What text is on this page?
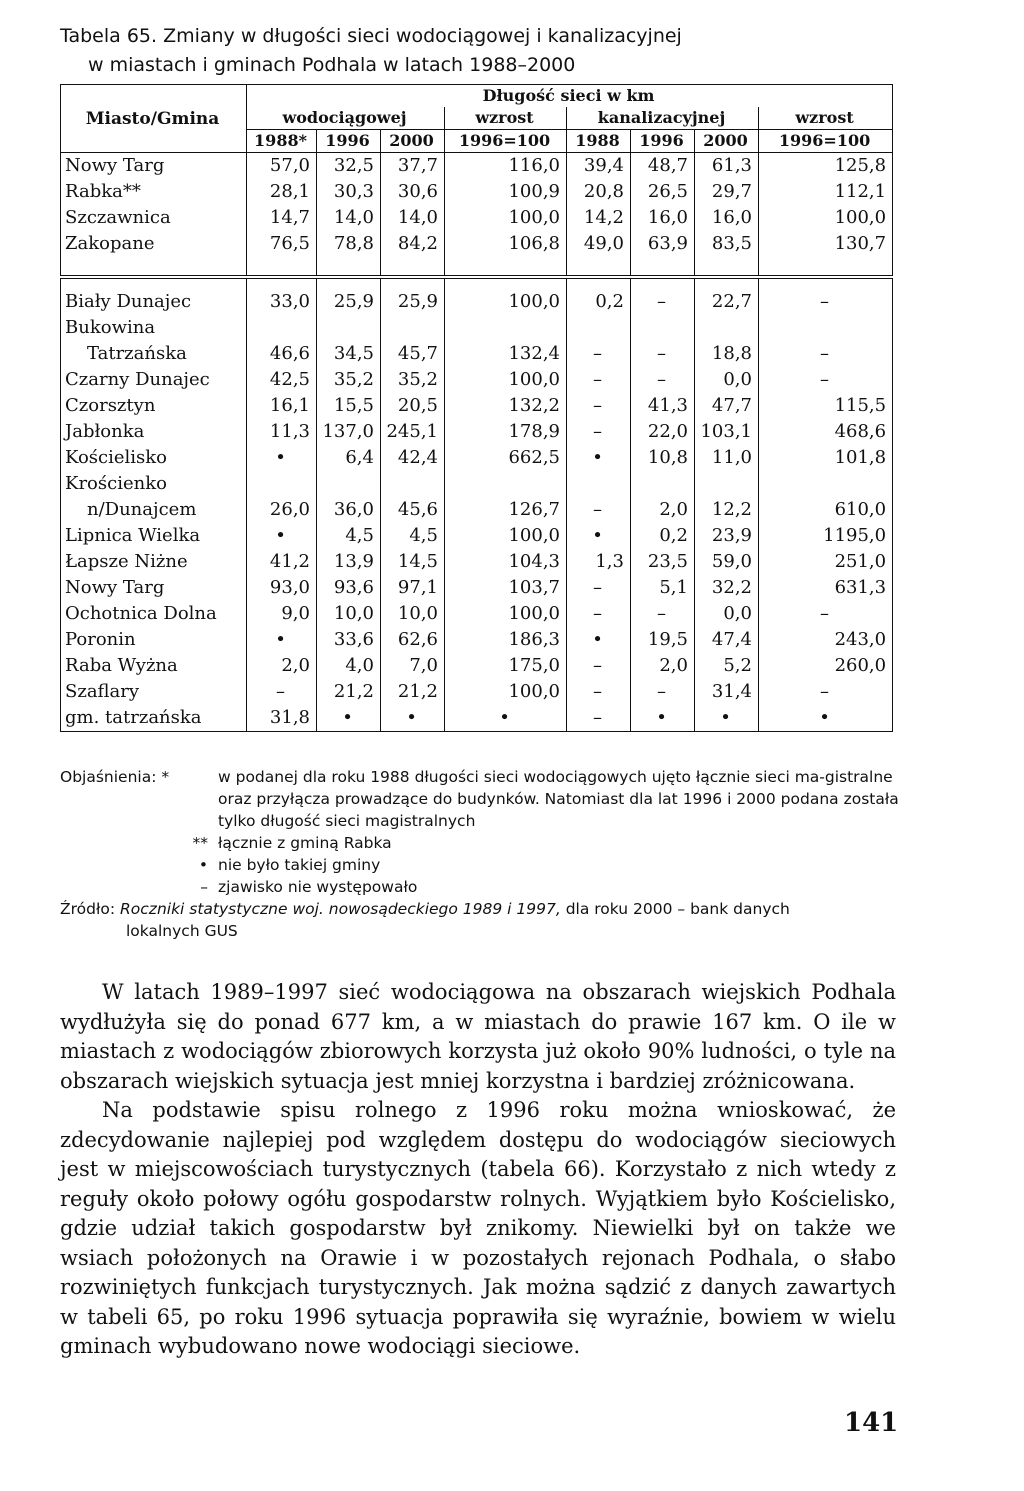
Tabela 65. Zmiany w długości sieci wodociągowej i kanalizacyjnej
w miastach i gminach Podhala w latach 1988–2000
Miasto/Gmina	Długość sieci w km							
	wodociągowej			wzrost	kanalizacyjnej			wzrost
	1988*	1996	2000	1996=100	1988	1996	2000	1996=100
Nowy Targ	57,0	32,5	37,7	116,0	39,4	48,7	61,3	125,8
Rabka**	28,1	30,3	30,6	100,9	20,8	26,5	29,7	112,1
Szczawnica	14,7	14,0	14,0	100,0	14,2	16,0	16,0	100,0
Zakopane	76,5	78,8	84,2	106,8	49,0	63,9	83,5	130,7

Biały Dunajec	33,0	25,9	25,9	100,0	0,2	–	22,7	–
Bukowina								
Tatrzańska	46,6	34,5	45,7	132,4	–	–	18,8	–
Czarny Dunajec	42,5	35,2	35,2	100,0	–	–	0,0	–
Czorsztyn	16,1	15,5	20,5	132,2	–	41,3	47,7	115,5
Jabłonka	11,3	137,0	245,1	178,9	–	22,0	103,1	468,6
Kościelisko	•	6,4	42,4	662,5	•	10,8	11,0	101,8
Krościenko								
n/Dunajcem	26,0	36,0	45,6	126,7	–	2,0	12,2	610,0
Lipnica Wielka	•	4,5	4,5	100,0	•	0,2	23,9	1195,0
Łapsze Niżne	41,2	13,9	14,5	104,3	1,3	23,5	59,0	251,0
Nowy Targ	93,0	93,6	97,1	103,7	–	5,1	32,2	631,3
Ochotnica Dolna	9,0	10,0	10,0	100,0	–	–	0,0	–
Poronin	•	33,6	62,6	186,3	•	19,5	47,4	243,0
Raba Wyżna	2,0	4,0	7,0	175,0	–	2,0	5,2	260,0
Szaflary	–	21,2	21,2	100,0	–	–	31,4	–
gm. tatrzańska	31,8	•	•	•	–	•	•	•
Objaśnienia: *	w podanej dla roku 1988 długości sieci wodociągowych ujęto łącznie sieci ma-gistralne oraz przyłącza prowadzące do budynków. Natomiast dla lat 1996 i 2000 podana została tylko długość sieci magistralnych
** łącznie z gminą Rabka
• nie było takiej gminy
– zjawisko nie występowało
Źródło: Roczniki statystyczne woj. nowosądeckiego 1989 i 1997, dla roku 2000 – bank danych
lokalnych GUS

W latach 1989–1997 sieć wodociągowa na obszarach wiejskich Podhala wydłużyła się do ponad 677 km, a w miastach do prawie 167 km. O ile w miastach z wodociągów zbiorowych korzysta już około 90% ludności, o tyle na obszarach wiejskich sytuacja jest mniej korzystna i bardziej zróżnicowana.

Na podstawie spisu rolnego z 1996 roku można wnioskować, że zdecydowanie najlepiej pod względem dostępu do wodociągów sieciowych jest w miejscowościach turystycznych (tabela 66). Korzystało z nich wtedy z reguły około połowy ogółu gospodarstw rolnych. Wyjątkiem było Kościelisko, gdzie udział takich gospodarstw był znikomy. Niewielki był on także we wsiach położonych na Orawie i w pozostałych rejonach Podhala, o słabo rozwiniętych funkcjach turystycznych. Jak można sądzić z danych zawartych w tabeli 65, po roku 1996 sytuacja poprawiła się wyraźnie, bowiem w wielu gminach wybudowano nowe wodociągi sieciowe.

141
